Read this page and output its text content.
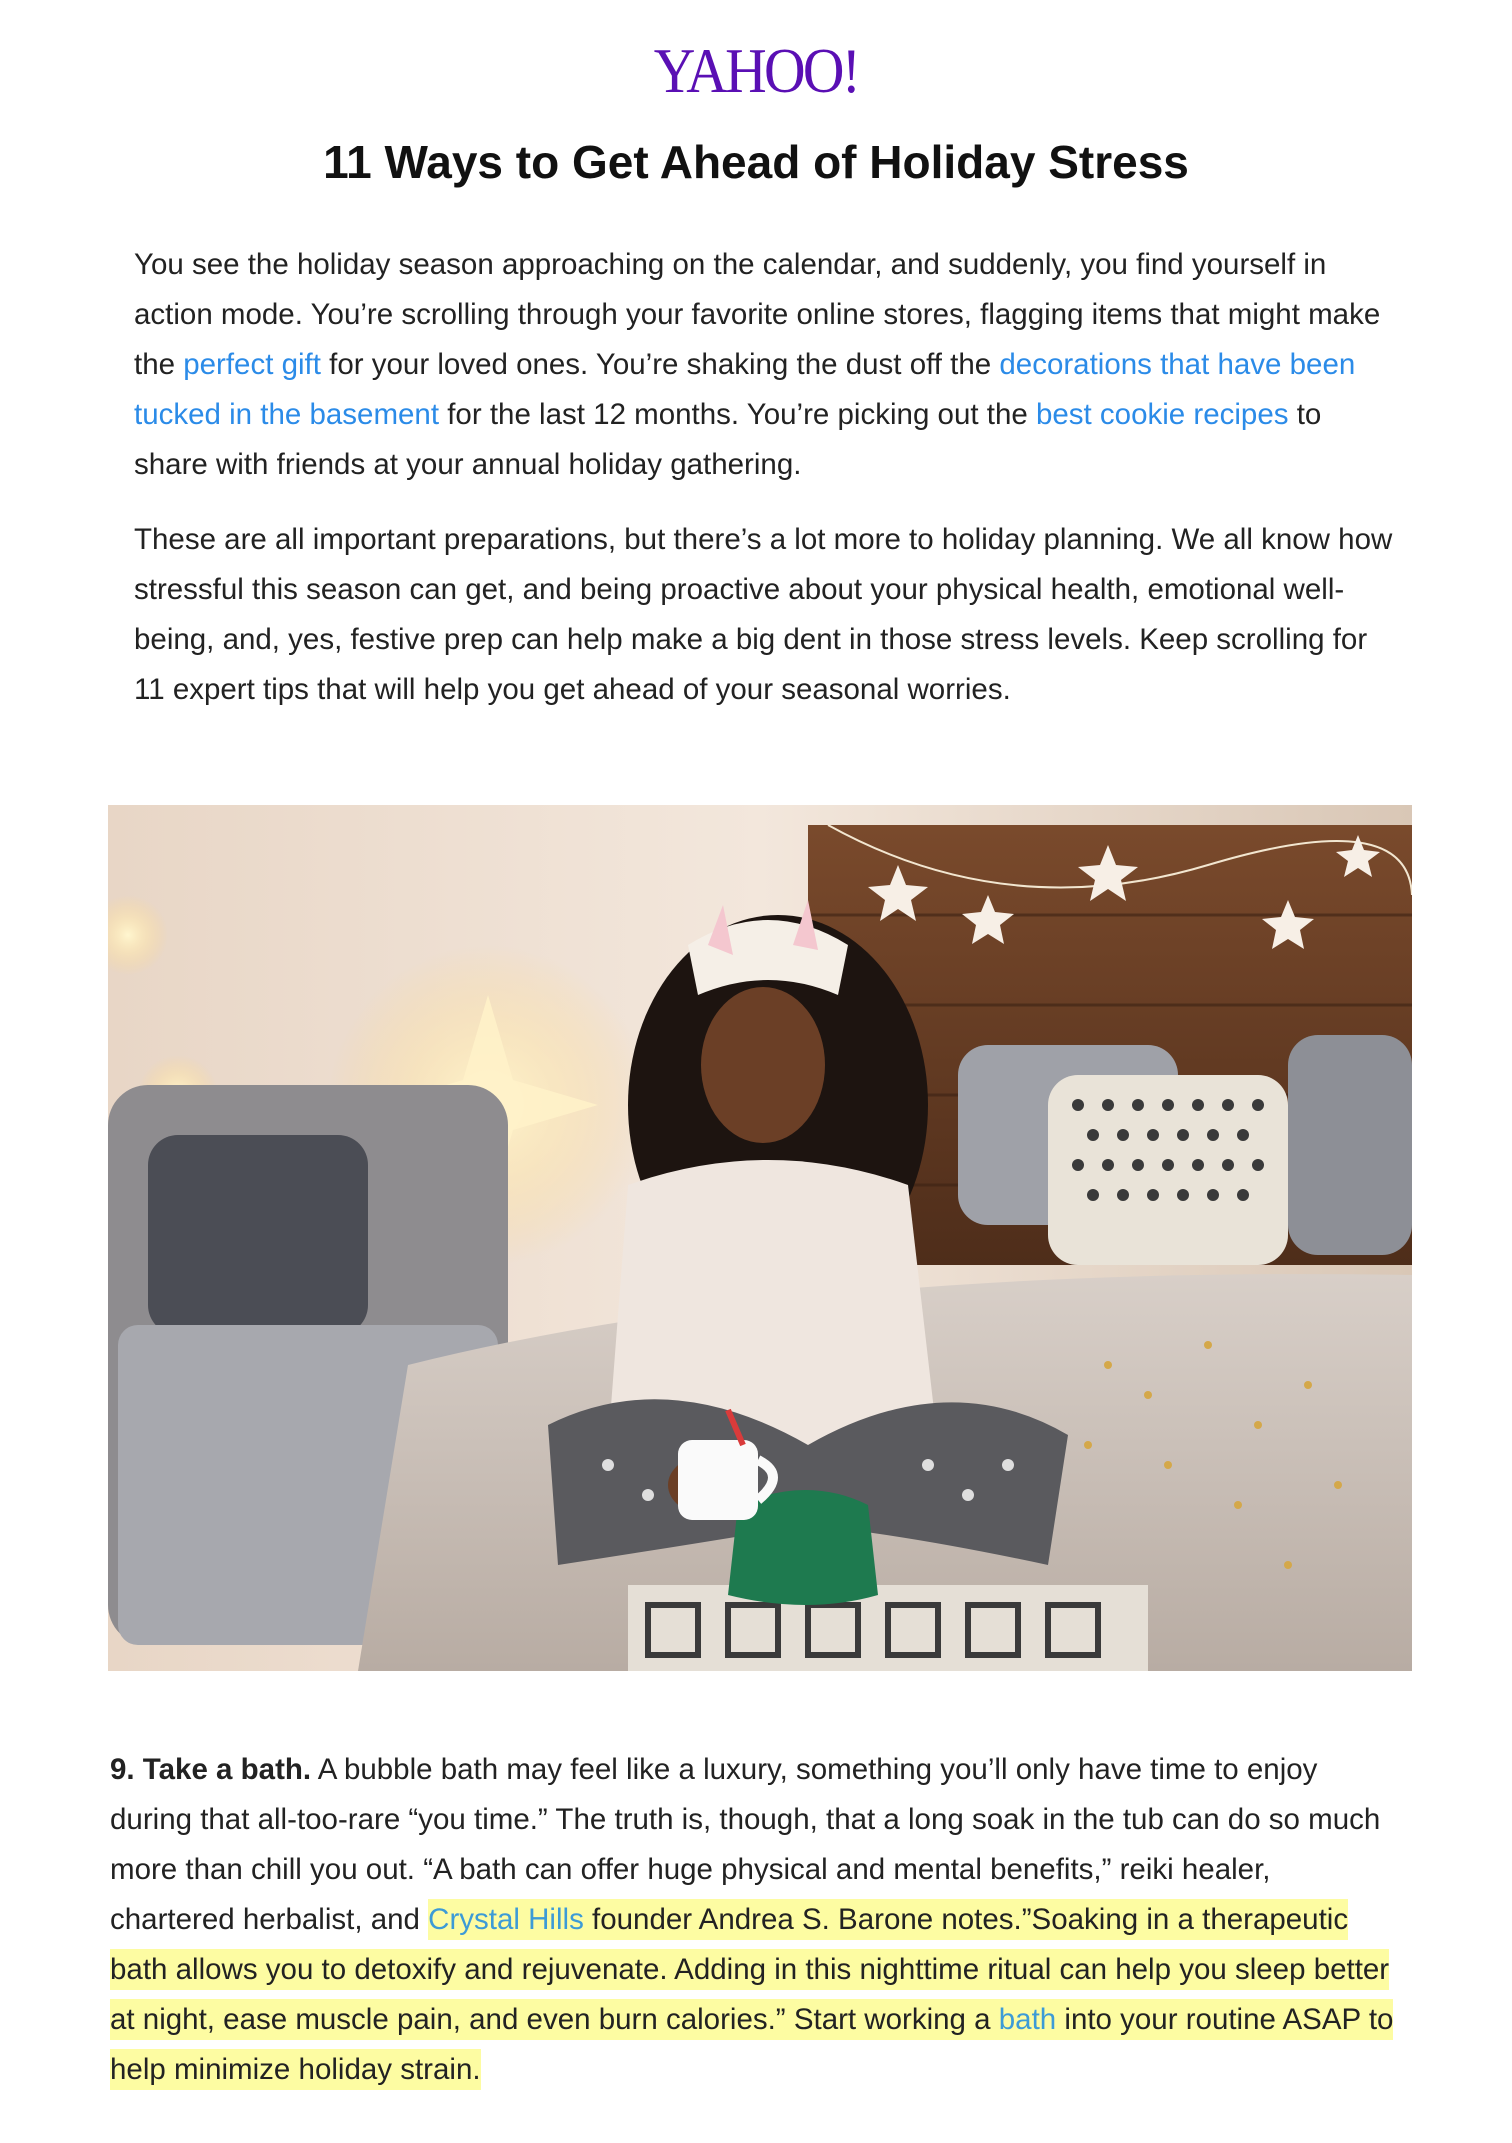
YAHOO!
11 Ways to Get Ahead of Holiday Stress

You see the holiday season approaching on the calendar, and suddenly, you find yourself in action mode. You’re scrolling through your favorite online stores, flagging items that might make the perfect gift for your loved ones. You’re shaking the dust off the decorations that have been tucked in the basement for the last 12 months. You’re picking out the best cookie recipes to share with friends at your annual holiday gathering.

These are all important preparations, but there’s a lot more to holiday planning. We all know how stressful this season can get, and being proactive about your physical health, emotional well-being, and, yes, festive prep can help make a big dent in those stress levels. Keep scrolling for 11 expert tips that will help you get ahead of your seasonal worries.

9. Take a bath. A bubble bath may feel like a luxury, something you’ll only have time to enjoy during that all-too-rare “you time.” The truth is, though, that a long soak in the tub can do so much more than chill you out. “A bath can offer huge physical and mental benefits,” reiki healer, chartered herbalist, and Crystal Hills founder Andrea S. Barone notes.”Soaking in a therapeutic bath allows you to detoxify and rejuvenate. Adding in this nighttime ritual can help you sleep better at night, ease muscle pain, and even burn calories.” Start working a bath into your routine ASAP to help minimize holiday strain.
